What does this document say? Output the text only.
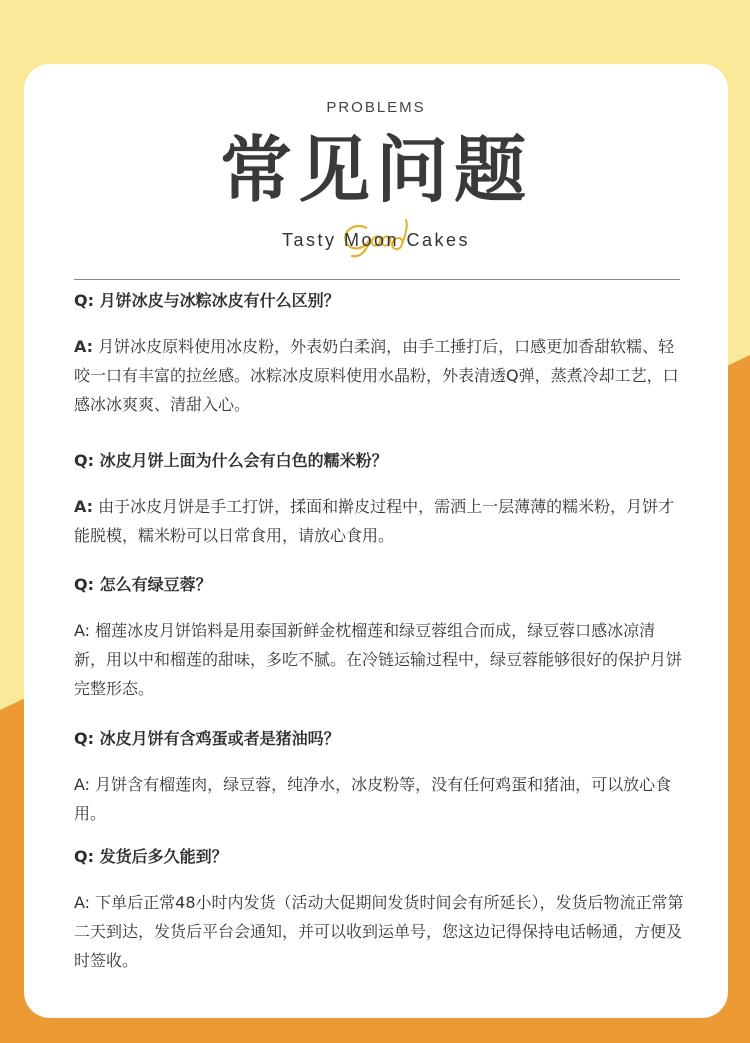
PROBLEMS
常见问题
Tasty Moon Cakes

Q: 月饼冰皮与冰粽冰皮有什么区别？

A: 月饼冰皮原料使用冰皮粉，外表奶白柔润，由手工捶打后，口感更加香甜软糯、轻咬一口有丰富的拉丝感。冰粽冰皮原料使用水晶粉，外表清透Q弹，蒸煮冷却工艺，口感冰冰爽爽、清甜入心。

Q: 冰皮月饼上面为什么会有白色的糯米粉？

A: 由于冰皮月饼是手工打饼，揉面和擀皮过程中，需洒上一层薄薄的糯米粉，月饼才能脱模，糯米粉可以日常食用，请放心食用。

Q: 怎么有绿豆蓉？

A: 榴莲冰皮月饼馅料是用泰国新鲜金枕榴莲和绿豆蓉组合而成，绿豆蓉口感冰凉清新，用以中和榴莲的甜味，多吃不腻。在冷链运输过程中，绿豆蓉能够很好的保护月饼完整形态。

Q: 冰皮月饼有含鸡蛋或者是猪油吗？

A: 月饼含有榴莲肉，绿豆蓉，纯净水，冰皮粉等，没有任何鸡蛋和猪油，可以放心食用。

Q: 发货后多久能到？

A: 下单后正常48小时内发货（活动大促期间发货时间会有所延长），发货后物流正常第二天到达，发货后平台会通知，并可以收到运单号，您这边记得保持电话畅通，方便及时签收。
